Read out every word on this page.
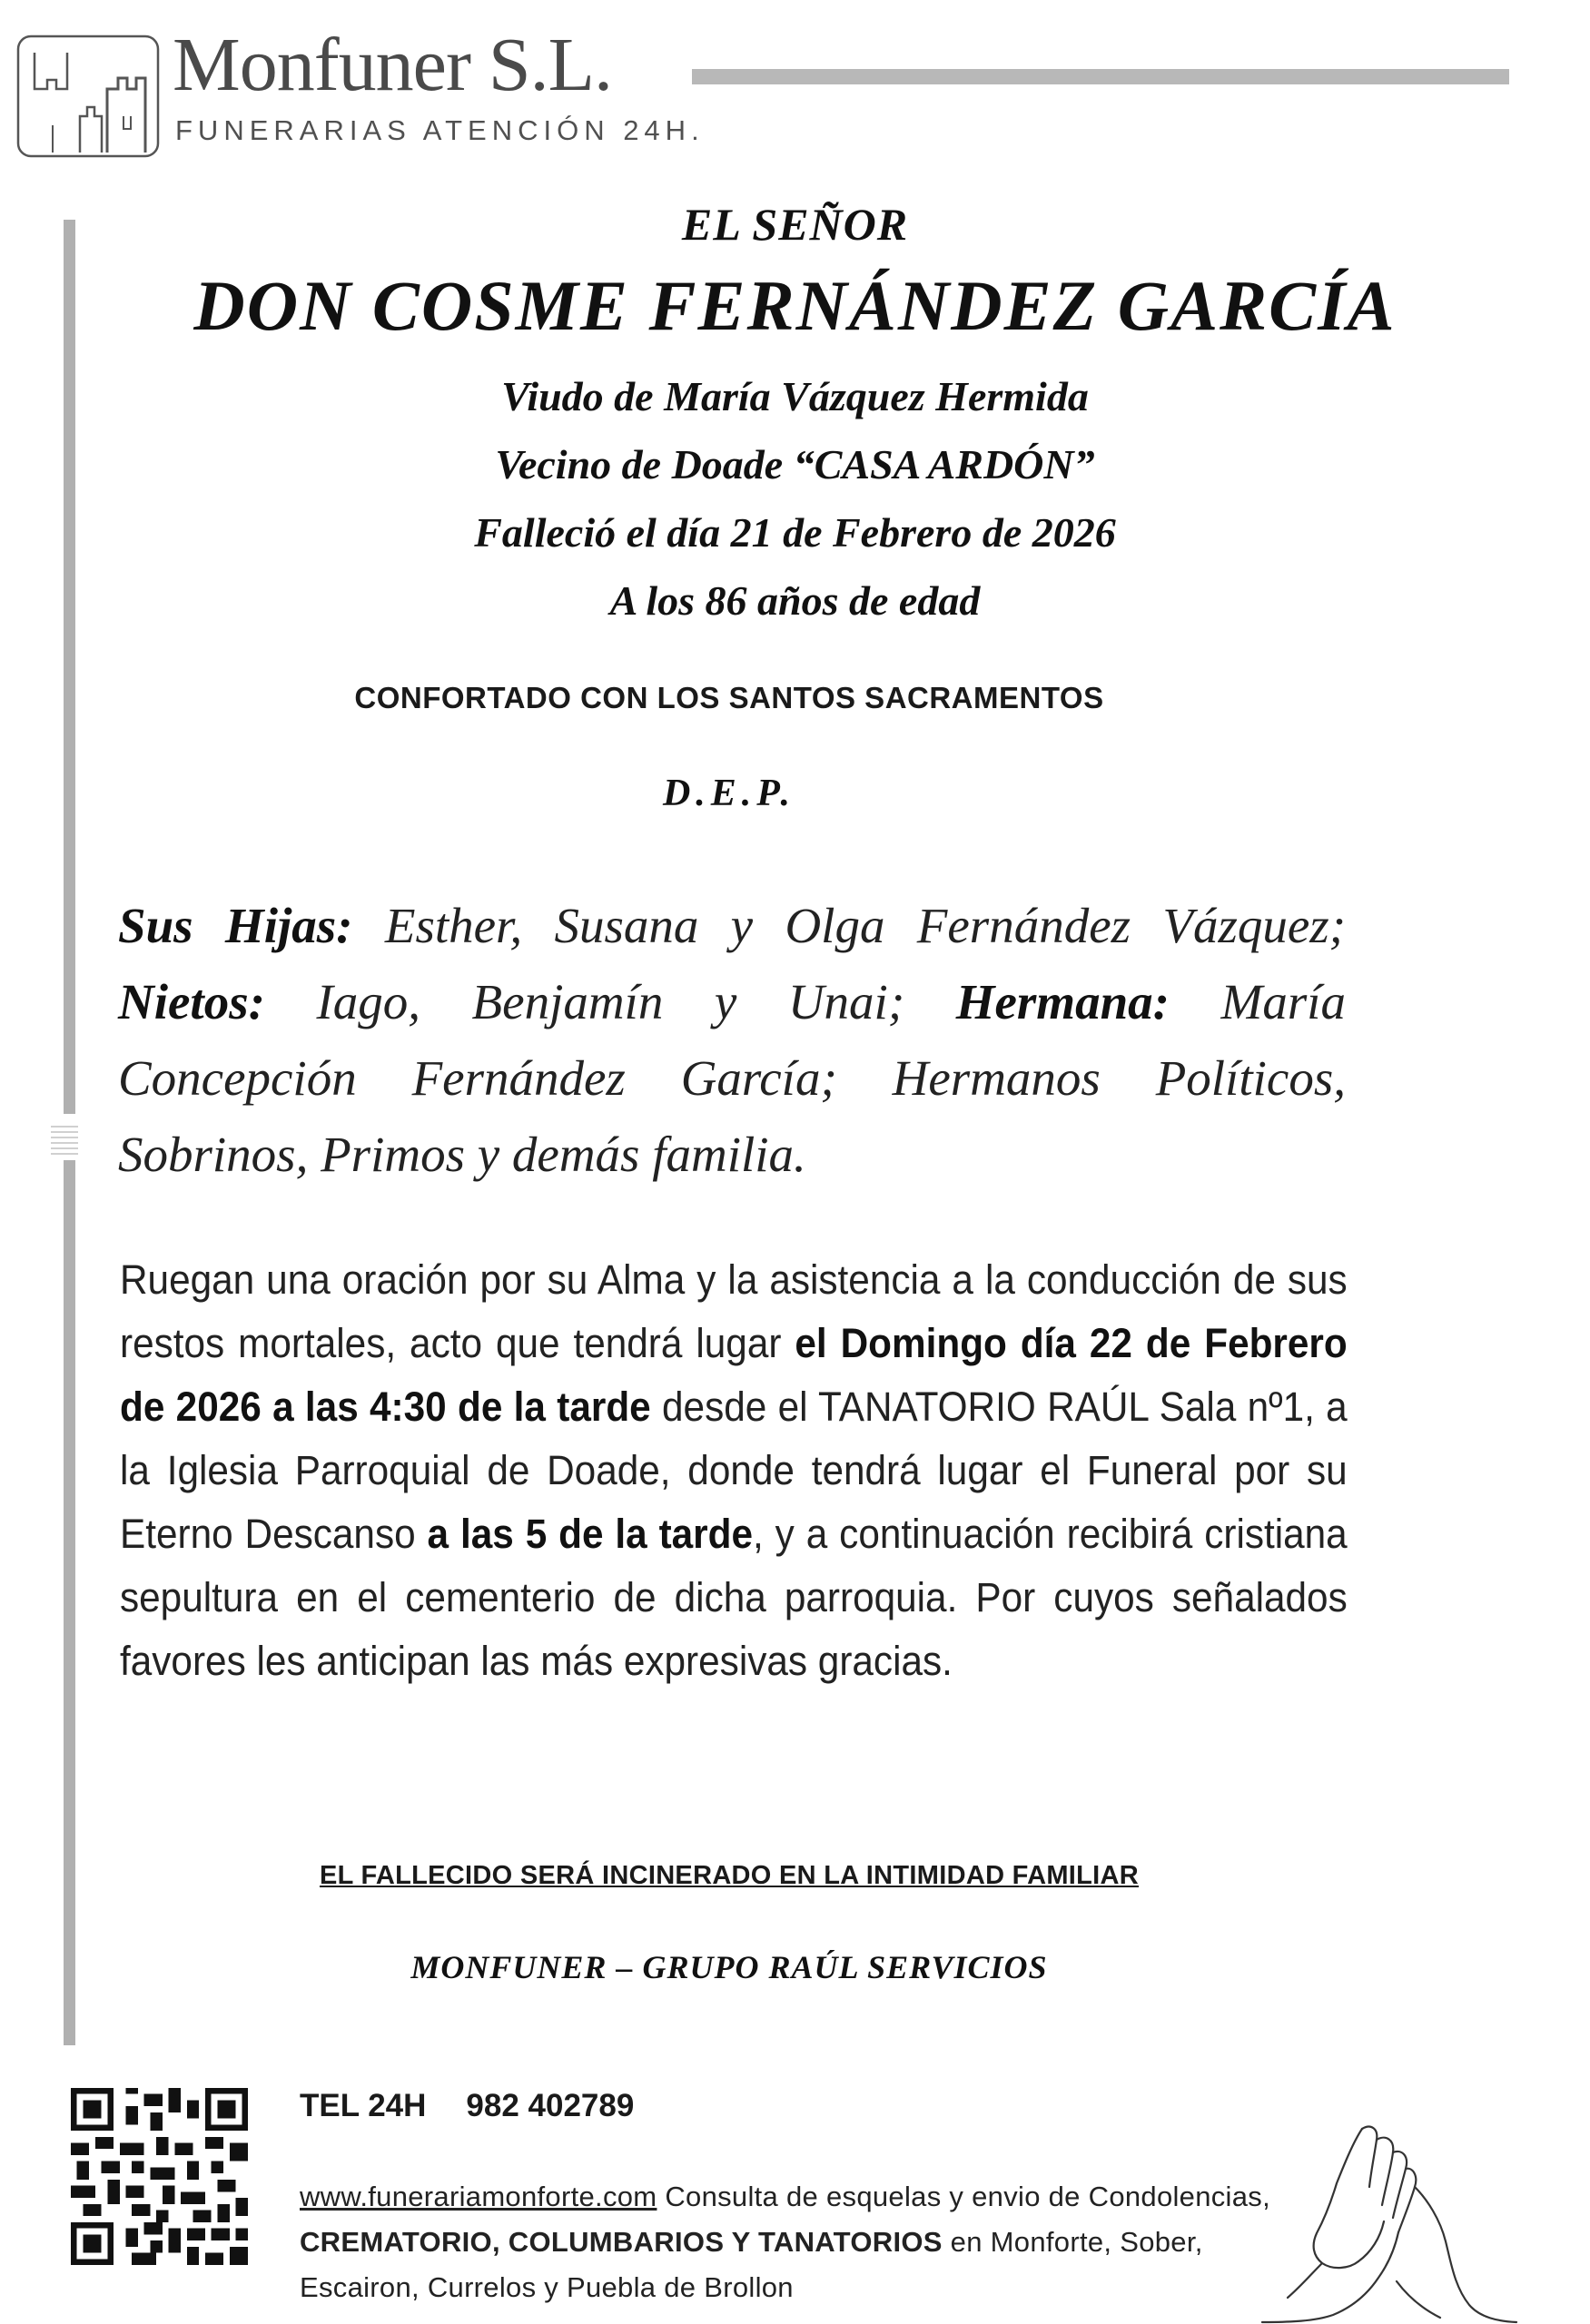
Monfuner S.L.
FUNERARIAS ATENCIÓN 24H.
EL SEÑOR
DON COSME FERNÁNDEZ GARCÍA
Viudo de María Vázquez Hermida
Vecino de Doade “CASA ARDÓN”
Falleció el día 21 de Febrero de 2026
A los 86 años de edad
CONFORTADO CON LOS SANTOS SACRAMENTOS
D.E.P.
Sus Hijas: Esther, Susana y Olga Fernández Vázquez; Nietos: Iago, Benjamín y Unai; Hermana: María Concepción Fernández García; Hermanos Políticos, Sobrinos, Primos y demás familia.
Ruegan una oración por su Alma y la asistencia a la conducción de sus restos mortales, acto que tendrá lugar el Domingo día 22 de Febrero de 2026 a las 4:30 de la tarde desde el TANATORIO RAÚL Sala nº1, a la Iglesia Parroquial de Doade, donde tendrá lugar el Funeral por su Eterno Descanso a las 5 de la tarde, y a continuación recibirá cristiana sepultura en el cementerio de dicha parroquia. Por cuyos señalados favores les anticipan las más expresivas gracias.
EL FALLECIDO SERÁ INCINERADO EN LA INTIMIDAD FAMILIAR
MONFUNER – GRUPO RAÚL SERVICIOS
TEL 24H 982 402789
www.funerariamonforte.com Consulta de esquelas y envio de Condolencias, CREMATORIO, COLUMBARIOS Y TANATORIOS en Monforte, Sober, Escairon, Currelos y Puebla de Brollon
